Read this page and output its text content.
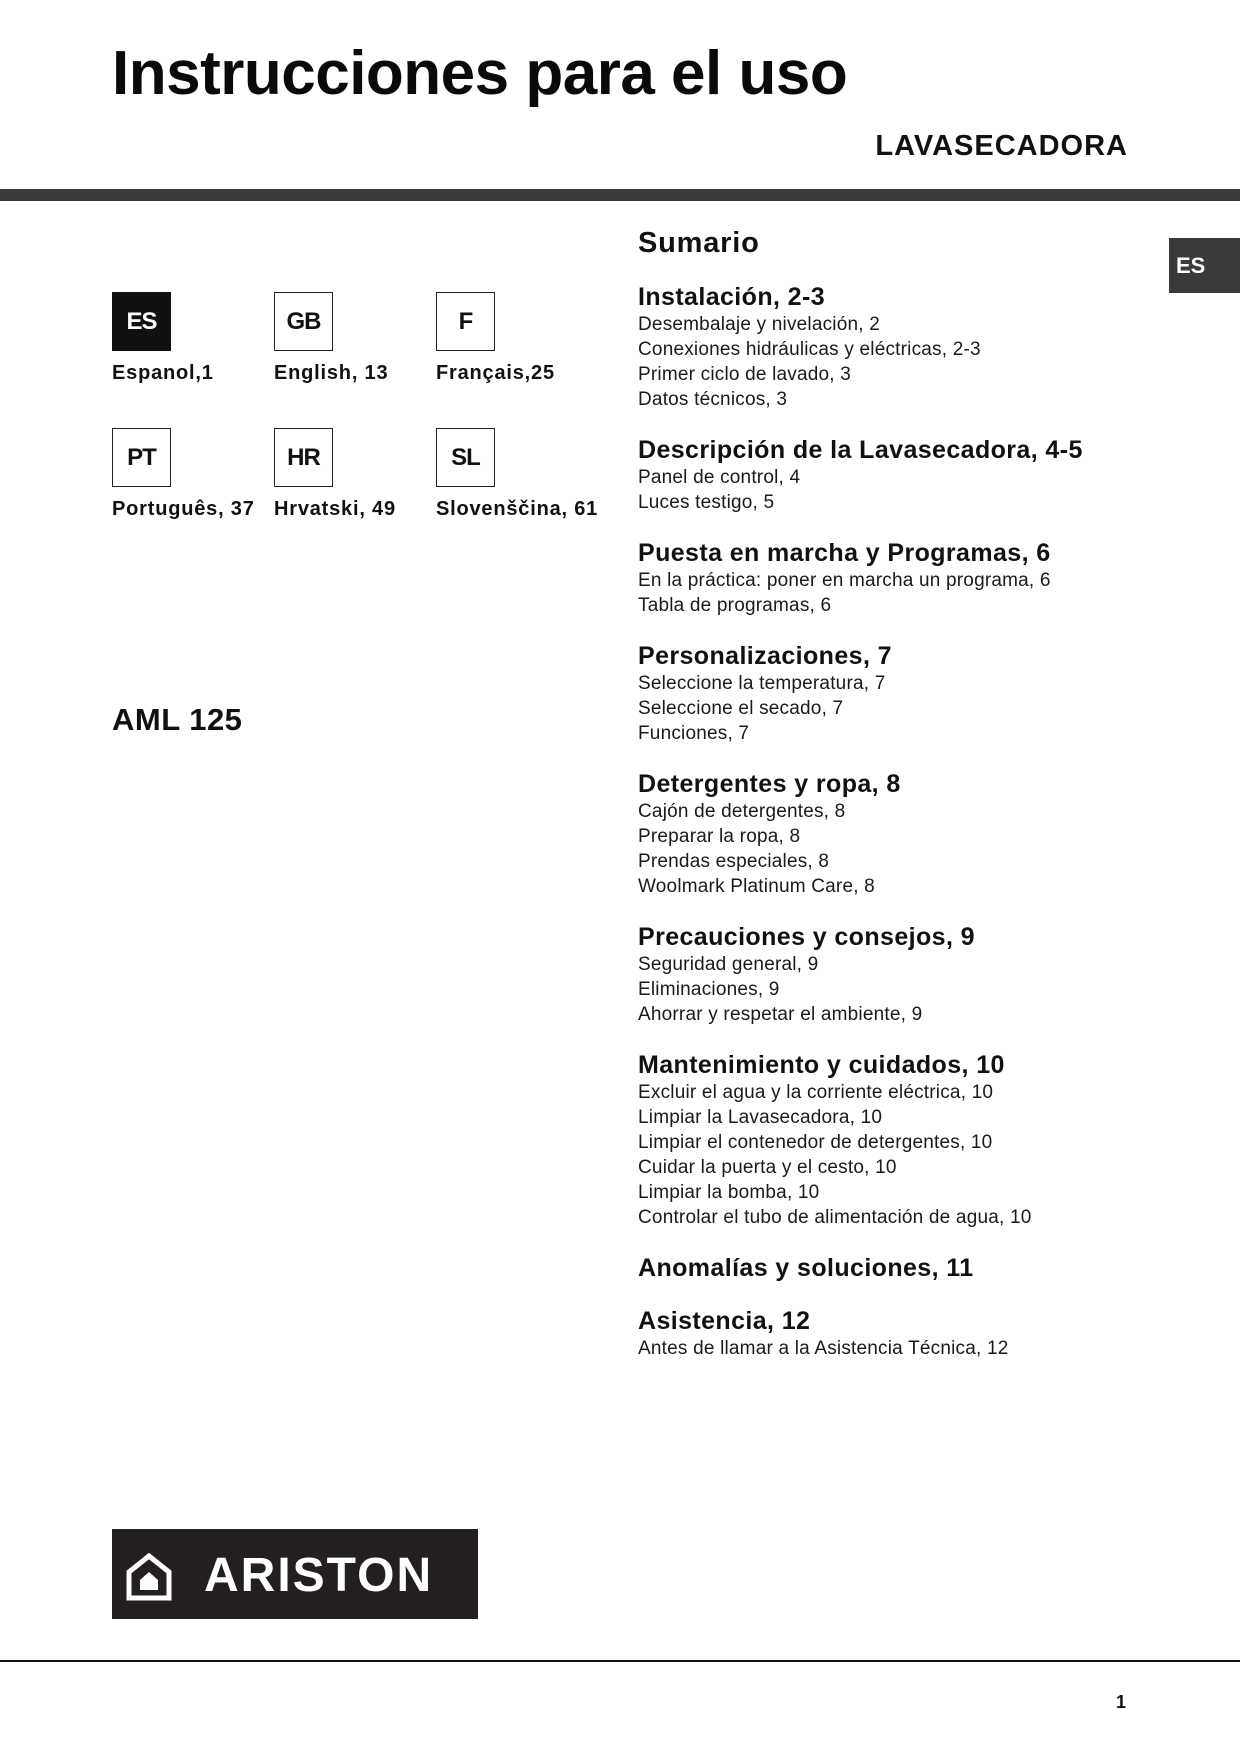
Instrucciones para el uso
LAVASECADORA
ES
ES
Espanol,1
GB
English, 13
F
Français,25
PT
Português, 37
HR
Hrvatski, 49
SL
Slovenščina, 61
AML 125
Sumario
Instalación, 2-3
Desembalaje y nivelación, 2
Conexiones hidráulicas y eléctricas, 2-3
Primer ciclo de lavado, 3
Datos técnicos, 3
Descripción de la Lavasecadora, 4-5
Panel de control, 4
Luces testigo, 5
Puesta en marcha y Programas, 6
En la práctica: poner en marcha un programa, 6
Tabla de programas, 6
Personalizaciones, 7
Seleccione la temperatura, 7
Seleccione el secado, 7
Funciones, 7
Detergentes y ropa, 8
Cajón de detergentes, 8
Preparar la ropa, 8
Prendas especiales, 8
Woolmark Platinum Care, 8
Precauciones y consejos, 9
Seguridad general, 9
Eliminaciones, 9
Ahorrar y respetar el ambiente, 9
Mantenimiento y cuidados, 10
Excluir el agua y la corriente eléctrica, 10
Limpiar la Lavasecadora, 10
Limpiar el contenedor de detergentes, 10
Cuidar la puerta y el cesto, 10
Limpiar la bomba, 10
Controlar el tubo de alimentación de agua, 10
Anomalías y soluciones, 11
Asistencia, 12
Antes de llamar a la Asistencia Técnica, 12
ARISTON
1
